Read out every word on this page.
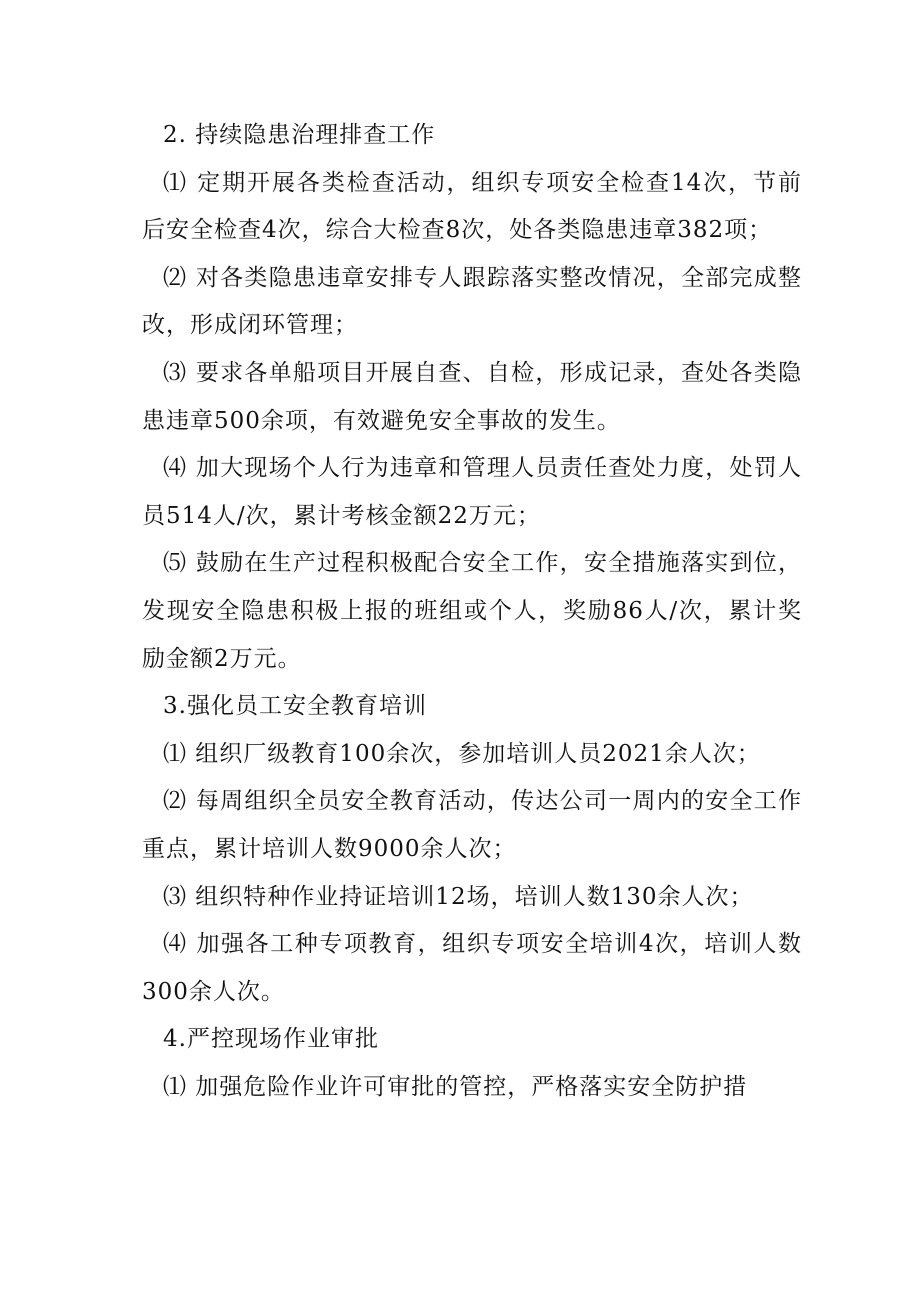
2. 持续隐患治理排查工作

⑴ 定期开展各类检查活动，组织专项安全检查14次，节前后安全检查4次，综合大检查8次，处各类隐患违章382项；

⑵ 对各类隐患违章安排专人跟踪落实整改情况，全部完成整改，形成闭环管理；

⑶ 要求各单船项目开展自查、自检，形成记录，查处各类隐患违章500余项，有效避免安全事故的发生。

⑷ 加大现场个人行为违章和管理人员责任查处力度，处罚人员514人/次，累计考核金额22万元；

⑸ 鼓励在生产过程积极配合安全工作，安全措施落实到位，发现安全隐患积极上报的班组或个人，奖励86人/次，累计奖励金额2万元。

3.强化员工安全教育培训

⑴ 组织厂级教育100余次，参加培训人员2021余人次；

⑵ 每周组织全员安全教育活动，传达公司一周内的安全工作重点，累计培训人数9000余人次；

⑶ 组织特种作业持证培训12场，培训人数130余人次；

⑷ 加强各工种专项教育，组织专项安全培训4次，培训人数300余人次。

4.严控现场作业审批

⑴ 加强危险作业许可审批的管控，严格落实安全防护措
